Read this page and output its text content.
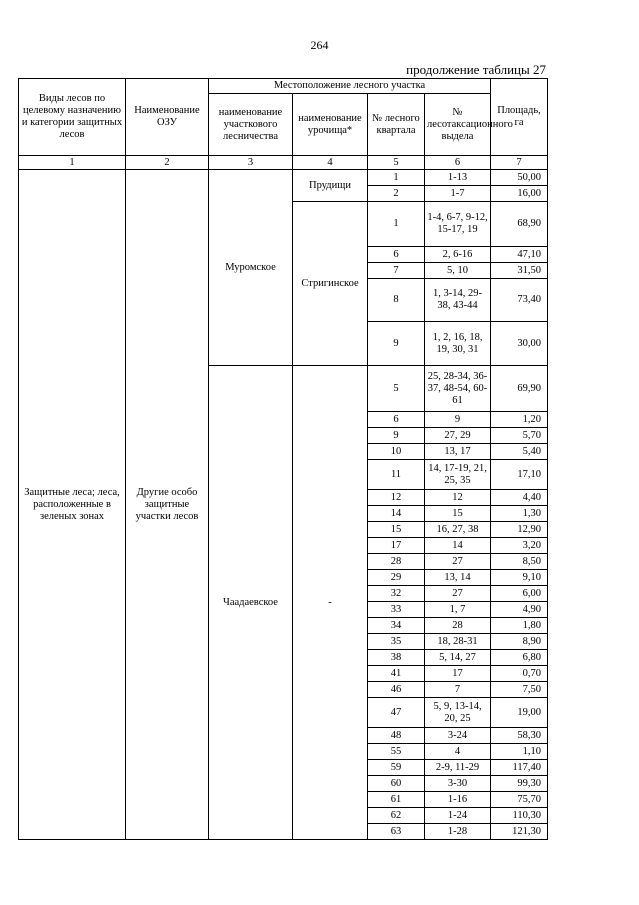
264
продолжение таблицы 27
Виды лесов по целевому назначению и категории защитных лесов	Наименование ОЗУ	Местоположение лесного участка				Площадь, га
		наименование участкового лесничества	наименование урочища*	№ лесного квартала	№ лесотаксационного выдела	
1	2	3	4	5	6	7
Защитные леса; леса, расположенные в зеленых зонах	Другие особо защитные участки лесов	Муромское	Прудищи	1	1-13	50,00
				2	1-7	16,00
			Стригинское	1	1-4, 6-7, 9-12, 15-17, 19	68,90
				6	2, 6-16	47,10
				7	5, 10	31,50
				8	1, 3-14, 29-38, 43-44	73,40
				9	1, 2, 16, 18, 19, 30, 31	30,00
		Чаадаевское	-	5	25, 28-34, 36-37, 48-54, 60-61	69,90
				6	9	1,20
				9	27, 29	5,70
				10	13, 17	5,40
				11	14, 17-19, 21, 25, 35	17,10
				12	12	4,40
				14	15	1,30
				15	16, 27, 38	12,90
				17	14	3,20
				28	27	8,50
				29	13, 14	9,10
				32	27	6,00
				33	1, 7	4,90
				34	28	1,80
				35	18, 28-31	8,90
				38	5, 14, 27	6,80
				41	17	0,70
				46	7	7,50
				47	5, 9, 13-14, 20, 25	19,00
				48	3-24	58,30
				55	4	1,10
				59	2-9, 11-29	117,40
				60	3-30	99,30
				61	1-16	75,70
				62	1-24	110,30
				63	1-28	121,30
